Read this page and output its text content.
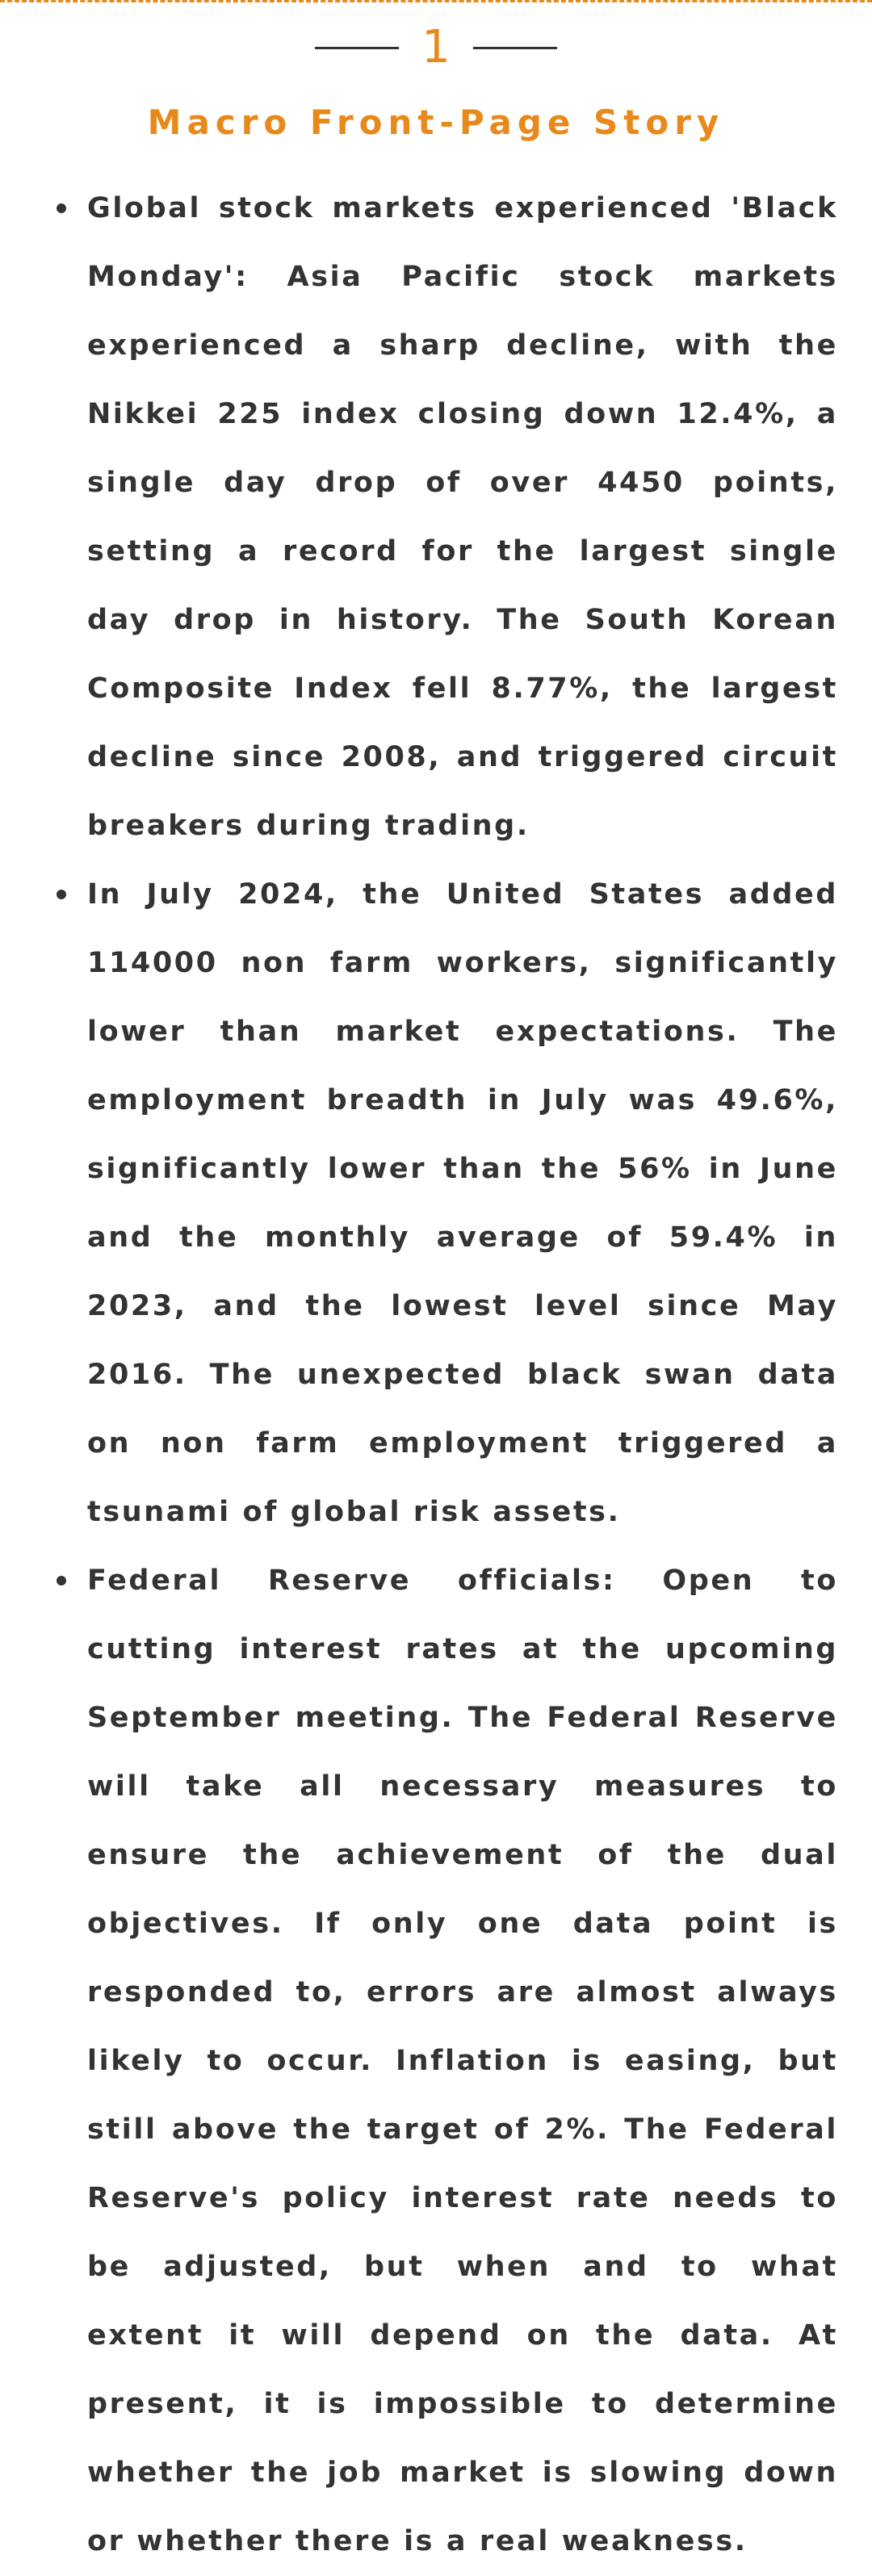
1
Macro Front-Page Story

Global stock markets experienced 'Black Monday': Asia Pacific stock markets experienced a sharp decline, with the Nikkei 225 index closing down 12.4%, a single day drop of over 4450 points, setting a record for the largest single day drop in history. The South Korean Composite Index fell 8.77%, the largest decline since 2008, and triggered circuit breakers during trading.

In July 2024, the United States added 114000 non farm workers, significantly lower than market expectations. The employment breadth in July was 49.6%, significantly lower than the 56% in June and the monthly average of 59.4% in 2023, and the lowest level since May 2016. The unexpected black swan data on non farm employment triggered a tsunami of global risk assets.

Federal Reserve officials: Open to cutting interest rates at the upcoming September meeting. The Federal Reserve will take all necessary measures to ensure the achievement of the dual objectives. If only one data point is responded to, errors are almost always likely to occur. Inflation is easing, but still above the target of 2%. The Federal Reserve's policy interest rate needs to be adjusted, but when and to what extent it will depend on the data. At present, it is impossible to determine whether the job market is slowing down or whether there is a real weakness.
